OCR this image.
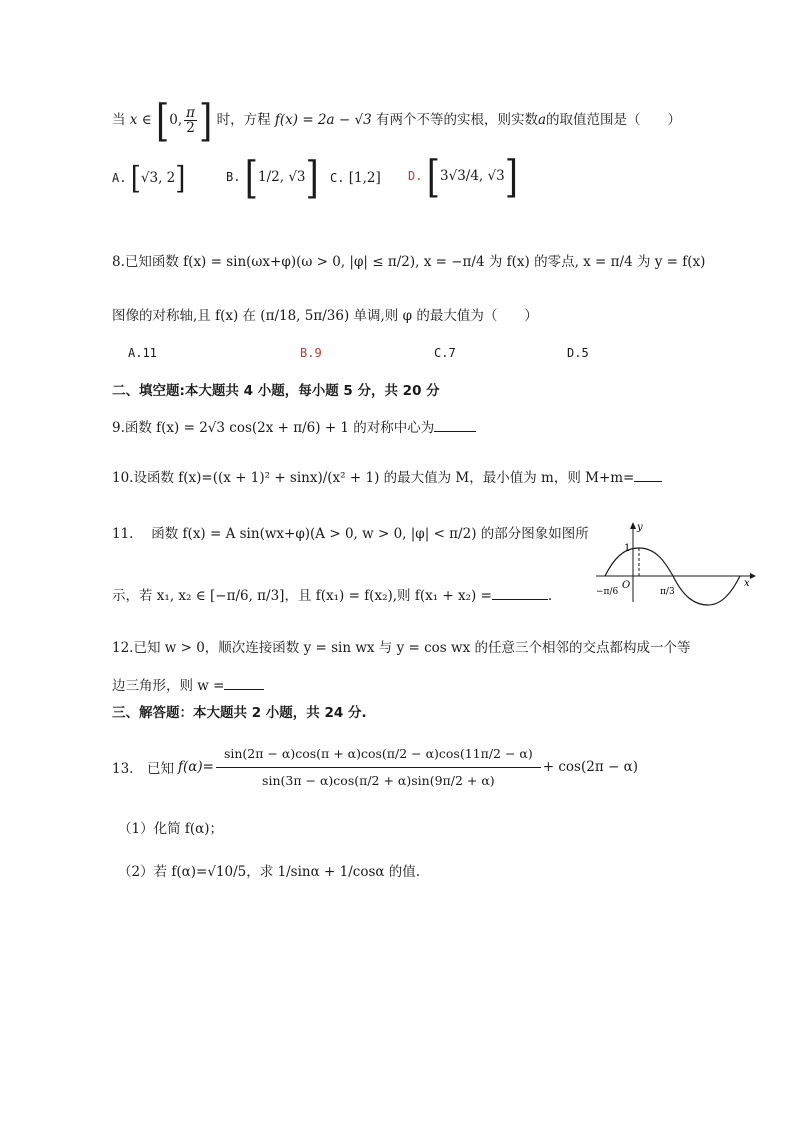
当 x ∈ [0, $\frac{\pi}{2}$ ] 时，方程 f(x) = 2a − √3 有两个不等的实根，则实数a的取值范围是（　　）
A. [√3, 2]	B. [1/2, √3] C. [1,2] D. [3√3/4, √3]
8.已知函数 f(x) = sin(ωx+φ)(ω > 0, |φ| ≤ π/2), x = −π/4 为 f(x) 的零点, x = π/4 为 y = f(x)
图像的对称轴,且 f(x) 在 (π/18, 5π/36) 单调,则 φ 的最大值为（　　）
A.11	B.9	C.7	D.5
二、填空题:本大题共 4 小题，每小题 5 分，共 20 分
9.函数 f(x) = 2√3 cos(2x + π/6) + 1 的对称中心为
10.设函数 f(x)=((x + 1)² + sinx)/(x² + 1) 的最大值为 M，最小值为 m，则 M+m=
11.　 函数 f(x) = A sin(wx+φ)(A > 0, w > 0, |φ| < π/2) 的部分图象如图所
示，若 x₁, x₂ ∈ [−π/6, π/3]，且 f(x₁) = f(x₂),则 f(x₁ + x₂) =	.
y
x
1
O
−π/6	π/3
12.已知 w > 0，顺次连接函数 y = sin wx 与 y = cos wx 的任意三个相邻的交点都构成一个等
边三角形，则 w =
三、解答题：本大题共 2 小题，共 24 分.
13.　已知 $f(\alpha)= \frac{\sin(2\pi - \alpha)\cos(\pi + \alpha)\cos(\pi/2 - \alpha)\cos(11\pi/2 - \alpha)}{\sin(3\pi - \alpha)\cos(\pi/2 + \alpha)\sin(9\pi/2 + \alpha)} + \cos(2\pi - \alpha)$
（1）化简 f(α)；
（2）若 f(α)=√10/5，求 1/sinα + 1/cosα 的值.
